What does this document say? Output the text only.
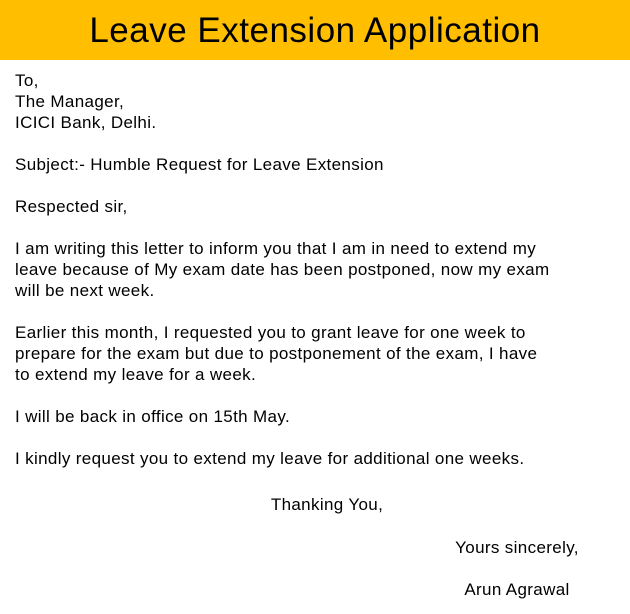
Leave Extension Application

To,

The Manager,

ICICI Bank, Delhi.

Subject:- Humble Request for Leave Extension

Respected sir,

I am writing this letter to inform you that I am in need to extend my

leave because of My exam date has been postponed, now my exam

will be next week.

Earlier this month, I requested you to grant leave for one week to

prepare for the exam but due to postponement of the exam, I have

to extend my leave for a week.

I will be back in office on 15th May.

I kindly request you to extend my leave for additional one weeks.

Thanking You,
Yours sincerely,
Arun Agrawal
